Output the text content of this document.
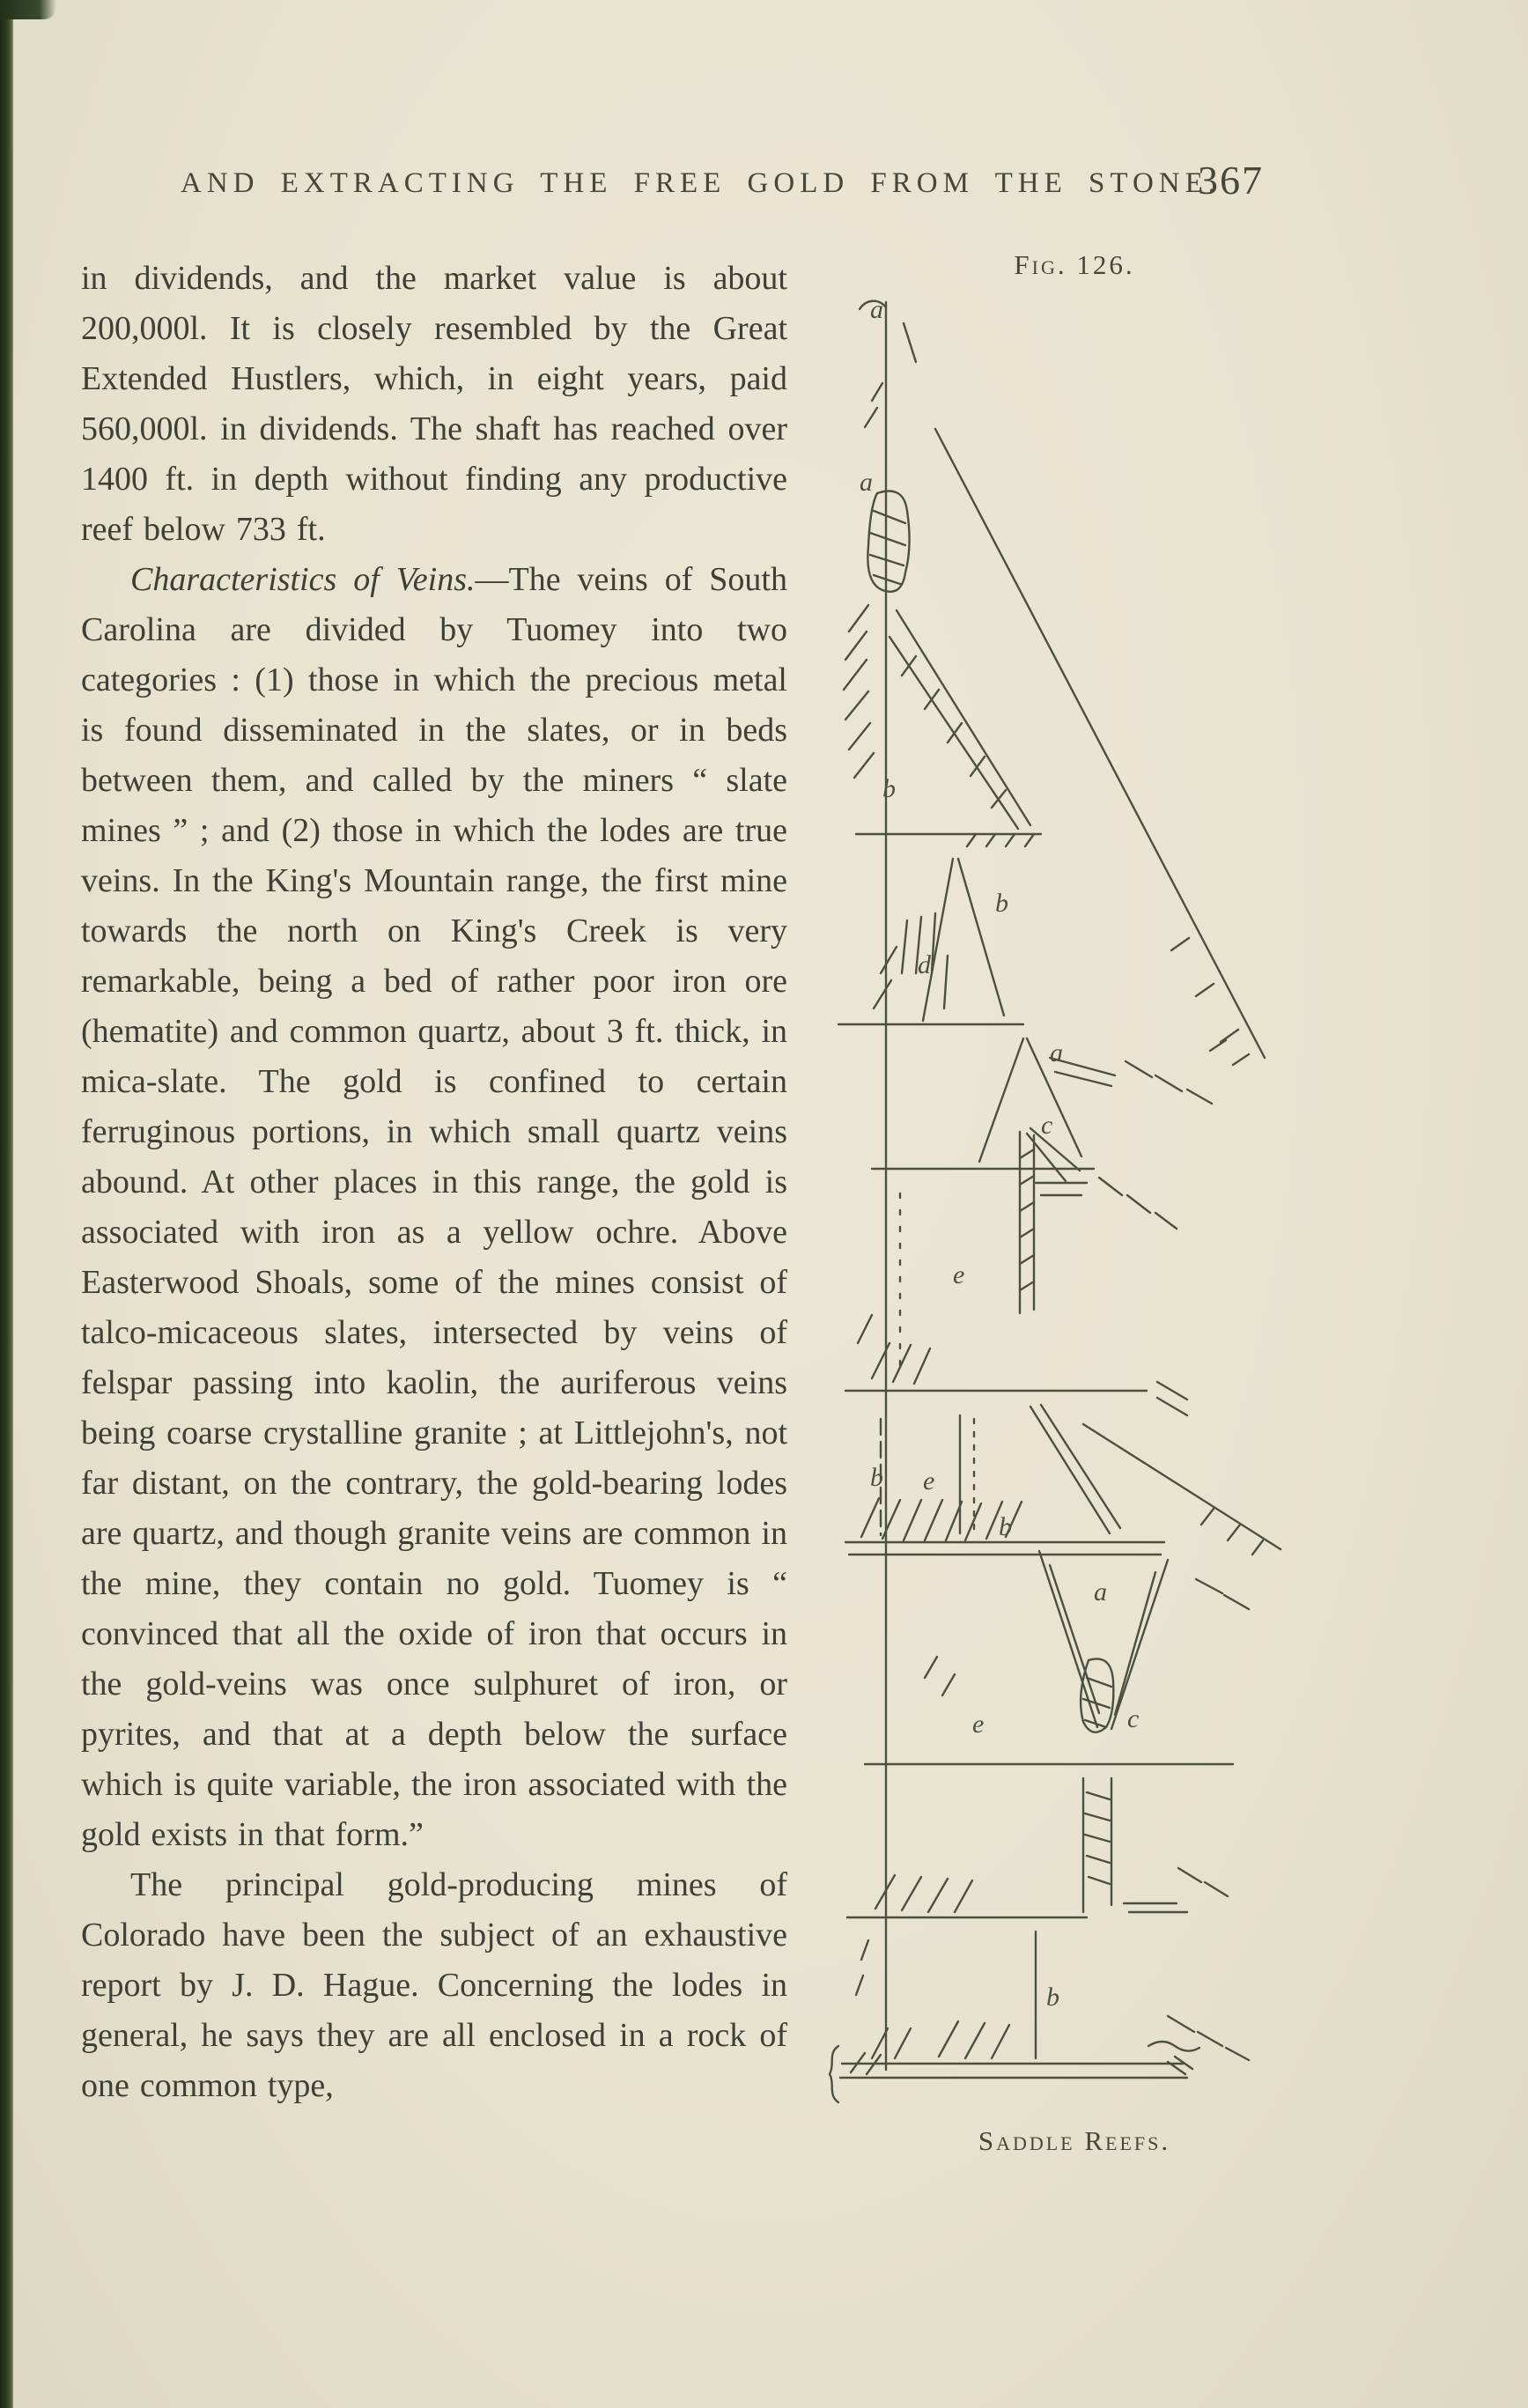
AND EXTRACTING THE FREE GOLD FROM THE STONE.
367

in dividends, and the market value is about 200,000l. It is closely resembled by the Great Extended Hustlers, which, in eight years, paid 560,000l. in dividends. The shaft has reached over 1400 ft. in depth without finding any productive reef below 733 ft.

Characteristics of Veins.—The veins of South Carolina are divided by Tuomey into two categories : (1) those in which the precious metal is found disseminated in the slates, or in beds between them, and called by the miners “ slate mines ” ; and (2) those in which the lodes are true veins. In the King's Mountain range, the first mine towards the north on King's Creek is very remarkable, being a bed of rather poor iron ore (hematite) and common quartz, about 3 ft. thick, in mica-slate. The gold is confined to certain ferruginous portions, in which small quartz veins abound. At other places in this range, the gold is associated with iron as a yellow ochre. Above Easterwood Shoals, some of the mines consist of talco-micaceous slates, intersected by veins of felspar passing into kaolin, the auriferous veins being coarse crystalline granite ; at Littlejohn's, not far distant, on the contrary, the gold-bearing lodes are quartz, and though granite veins are common in the mine, they contain no gold. Tuomey is “ convinced that all the oxide of iron that occurs in the gold-veins was once sulphuret of iron, or pyrites, and that at a depth below the surface which is quite variable, the iron associated with the gold exists in that form.”

The principal gold-producing mines of Colorado have been the subject of an exhaustive report by J. D. Hague. Concerning the lodes in general, he says they are all enclosed in a rock of one common type,

Fig. 126.
a
a
b
b
d
a
c
e
b e
b
a
e	c
b
Saddle Reefs.
